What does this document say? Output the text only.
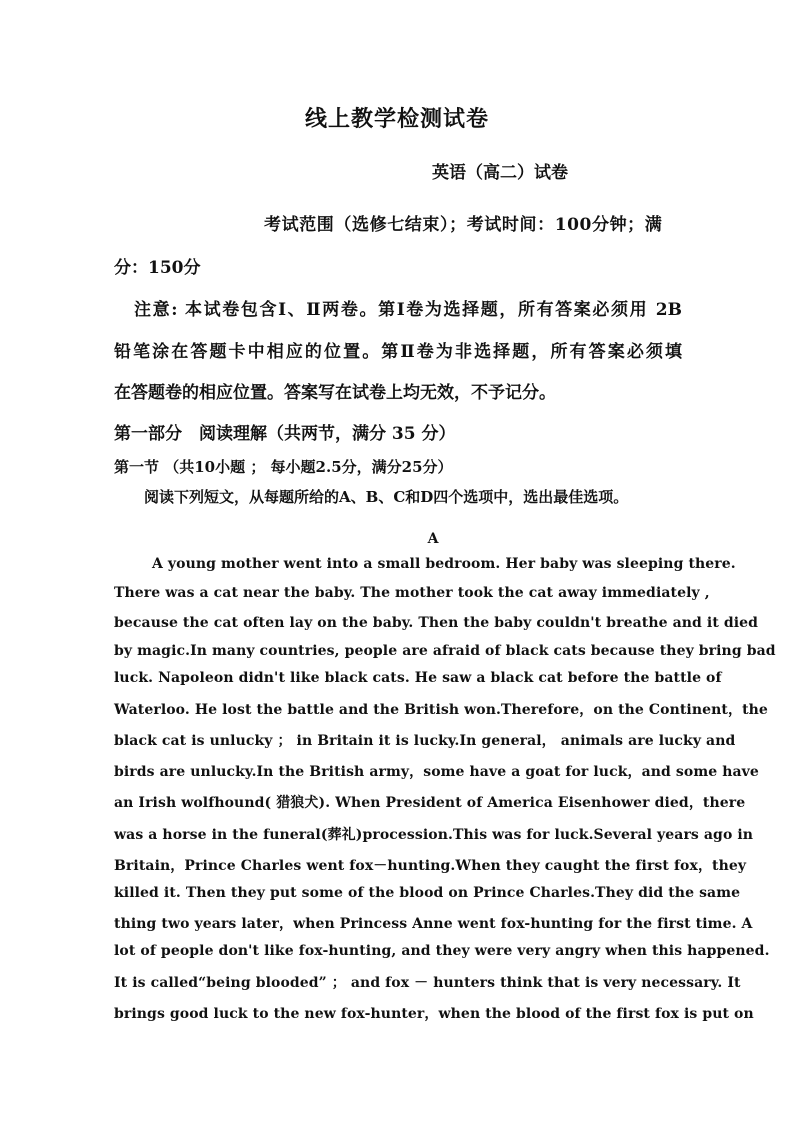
线上教学检测试卷
英语（高二）试卷
考试范围（选修七结束）；考试时间：100分钟；满
分：150分
注意: 本试卷包含Ⅰ、Ⅱ两卷。第Ⅰ卷为选择题，所有答案必须用 2B
铅笔涂在答题卡中相应的位置。第Ⅱ卷为非选择题，所有答案必须填
在答题卷的相应位置。答案写在试卷上均无效，不予记分。
第一部分　阅读理解（共两节，满分 35 分）
第一节 （共10小题 ； 每小题2.5分，满分25分）
阅读下列短文，从每题所给的A、B、C和D四个选项中，选出最佳选项。
A
A young mother went into a small bedroom. Her baby was sleeping there.
There was a cat near the baby. The mother took the cat away immediately ,
because the cat often lay on the baby. Then the baby couldn't breathe and it died
by magic.In many countries, people are afraid of black cats because they bring bad
luck. Napoleon didn't like black cats. He saw a black cat before the battle of
Waterloo. He lost the battle and the British won.Therefore，on the Continent，the
black cat is unlucky ； in Britain it is lucky.In general， animals are lucky and
birds are unlucky.In the British army，some have a goat for luck，and some have
an Irish wolfhound( 猎狼犬). When President of America Eisenhower died，there
was a horse in the funeral(葬礼)procession.This was for luck.Several years ago in
Britain，Prince Charles went fox－hunting.When they caught the first fox，they
killed it. Then they put some of the blood on Prince Charles.They did the same
thing two years later，when Princess Anne went fox-hunting for the first time. A
lot of people don't like fox-hunting, and they were very angry when this happened.
It is called“being blooded” ； and fox － hunters think that is very necessary. It
brings good luck to the new fox-hunter，when the blood of the first fox is put on
